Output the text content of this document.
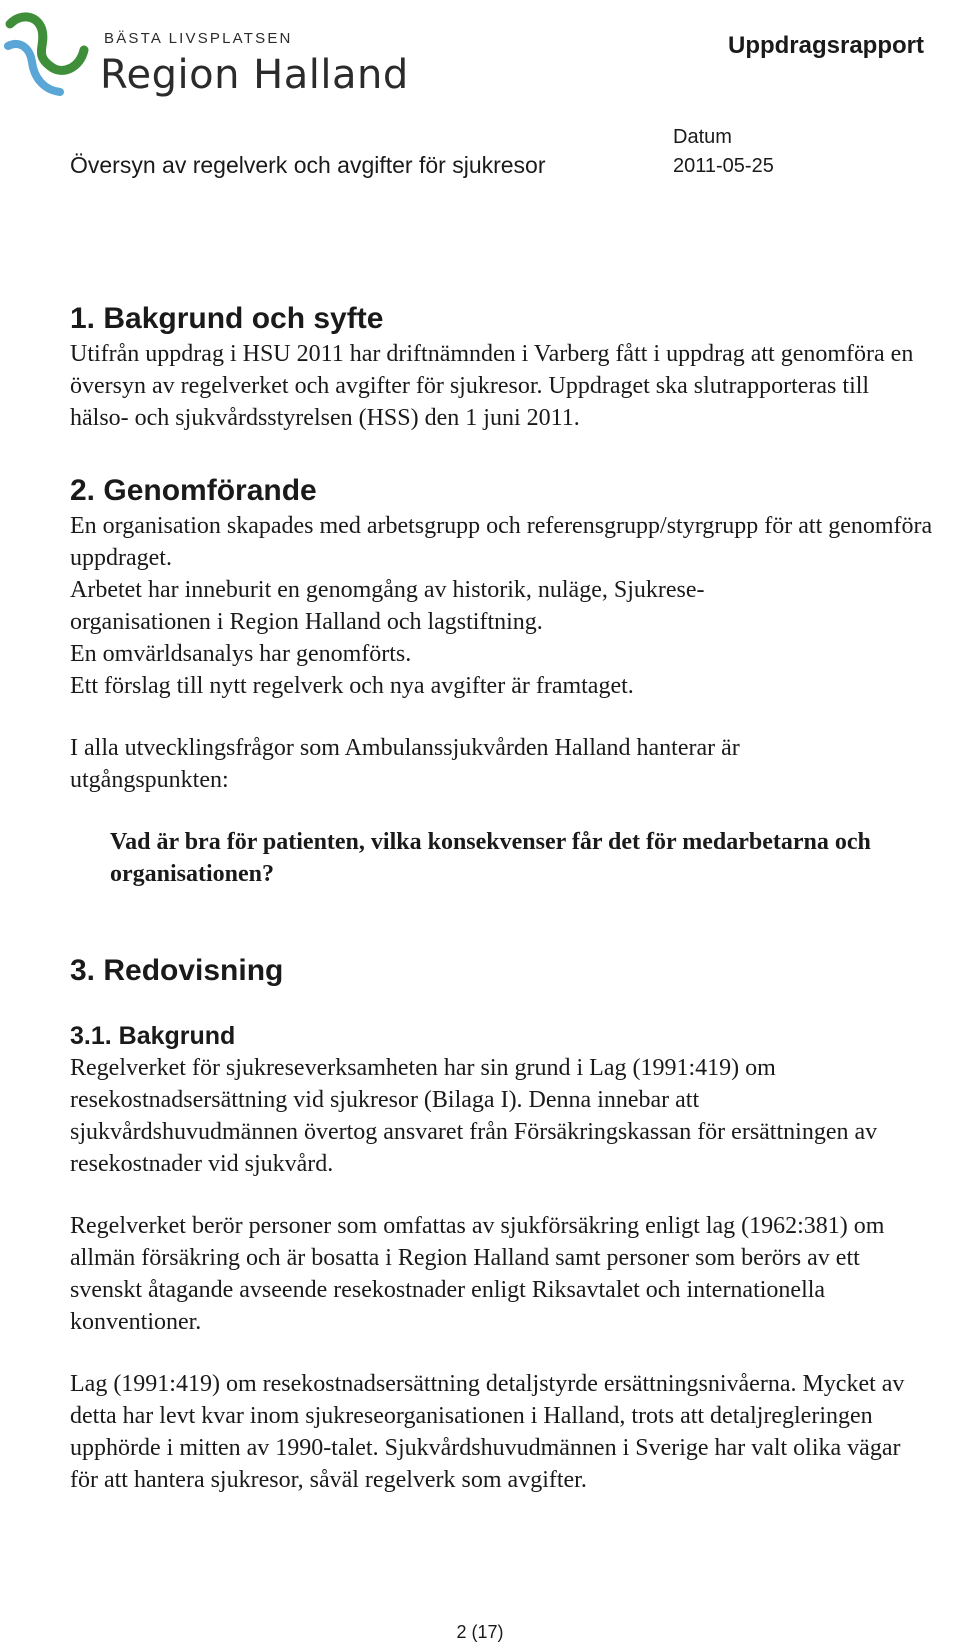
BÄSTA LIVSPLATSEN
Region Halland
Uppdragsrapport
Översyn av regelverk och avgifter för sjukresor
Datum
2011-05-25
1. Bakgrund och syfte

Utifrån uppdrag i HSU 2011 har driftnämnden i Varberg fått i uppdrag att genomföra en översyn av regelverket och avgifter för sjukresor. Uppdraget ska slutrapporteras till hälso- och sjukvårdsstyrelsen (HSS) den 1 juni 2011.

2. Genomförande

En organisation skapades med arbetsgrupp och referensgrupp/styrgrupp för att genomföra uppdraget.

Arbetet har inneburit en genomgång av historik, nuläge, Sjukrese-organisationen i Region Halland och lagstiftning.

En omvärldsanalys har genomförts.

Ett förslag till nytt regelverk och nya avgifter är framtaget.

I alla utvecklingsfrågor som Ambulanssjukvården Halland hanterar är utgångspunkten:

Vad är bra för patienten, vilka konsekvenser får det för medarbetarna och organisationen?

3. Redovisning
3.1. Bakgrund

Regelverket för sjukreseverksamheten har sin grund i Lag (1991:419) om resekostnadsersättning vid sjukresor (Bilaga I). Denna innebar att sjukvårdshuvudmännen övertog ansvaret från Försäkringskassan för ersättningen av resekostnader vid sjukvård.

Regelverket berör personer som omfattas av sjukförsäkring enligt lag (1962:381) om allmän försäkring och är bosatta i Region Halland samt personer som berörs av ett svenskt åtagande avseende resekostnader enligt Riksavtalet och internationella konventioner.

Lag (1991:419) om resekostnadsersättning detaljstyrde ersättningsnivåerna. Mycket av detta har levt kvar inom sjukreseorganisationen i Halland, trots att detaljregleringen upphörde i mitten av 1990-talet. Sjukvårdshuvudmännen i Sverige har valt olika vägar för att hantera sjukresor, såväl regelverk som avgifter.

2 (17)
